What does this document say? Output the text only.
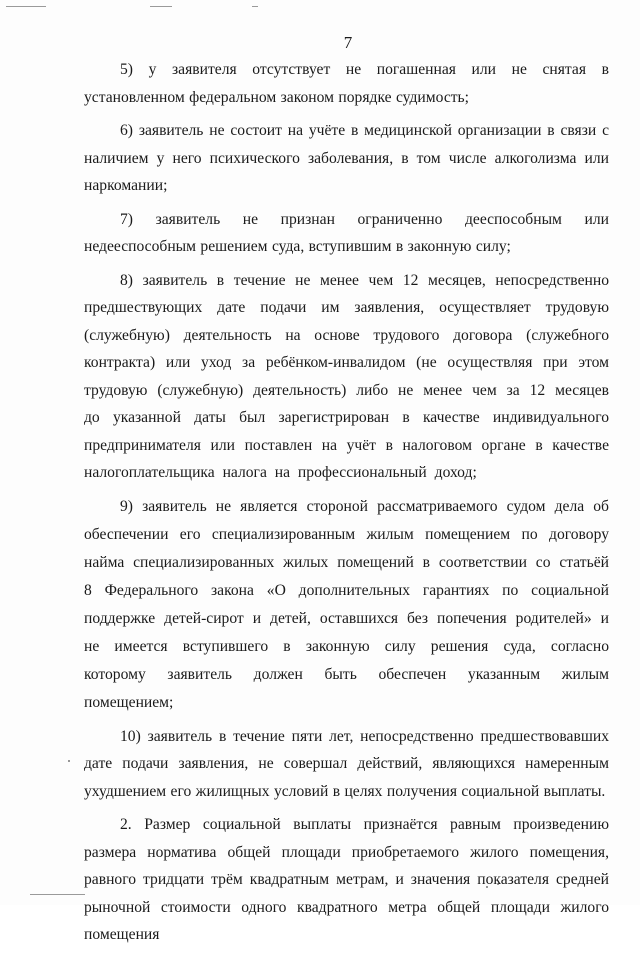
7

5) у заявителя отсутствует не погашенная или не снятая в установленном федеральном законом порядке судимость;

6) заявитель не состоит на учёте в медицинской организации в связи с наличием у него психического заболевания, в том числе алкоголизма или наркомании;

7) заявитель не признан ограниченно дееспособным или недееспособным решением суда, вступившим в законную силу;

8) заявитель в течение не менее чем 12 месяцев, непосредственно предшествующих дате подачи им заявления, осуществляет трудовую (служебную) деятельность на основе трудового договора (служебного контракта) или уход за ребёнком-инвалидом (не осуществляя при этом трудовую (служебную) деятельность) либо не менее чем за 12 месяцев до указанной даты был зарегистрирован в качестве индивидуального предпринимателя или поставлен на учёт в налоговом органе в качестве налогоплательщика налога на профессиональный доход;

9) заявитель не является стороной рассматриваемого судом дела об обеспечении его специализированным жилым помещением по договору найма специализированных жилых помещений в соответствии со статьёй 8 Федерального закона «О дополнительных гарантиях по социальной поддержке детей-сирот и детей, оставшихся без попечения родителей» и не имеется вступившего в законную силу решения суда, согласно которому заявитель должен быть обеспечен указанным жилым помещением;

10) заявитель в течение пяти лет, непосредственно предшествовавших дате подачи заявления, не совершал действий, являющихся намеренным ухудшением его жилищных условий в целях получения социальной выплаты.

2. Размер социальной выплаты признаётся равным произведению размера норматива общей площади приобретаемого жилого помещения, равного тридцати трём квадратным метрам, и значения показателя средней рыночной стоимости одного квадратного метра общей площади жилого помещения
